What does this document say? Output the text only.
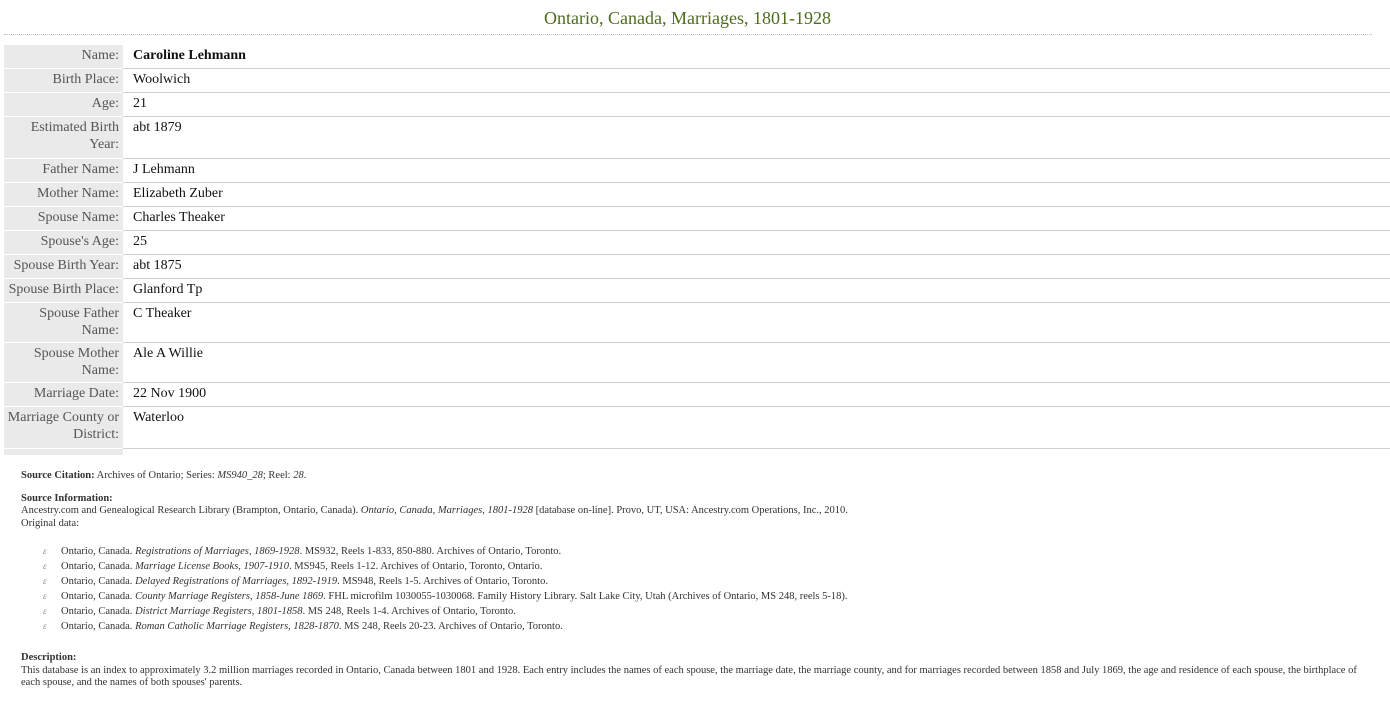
Ontario, Canada, Marriages, 1801-1928
Name:	Caroline Lehmann
Birth Place:	Woolwich
Age:	21
Estimated Birth Year:	abt 1879
Father Name:	J Lehmann
Mother Name:	Elizabeth Zuber
Spouse Name:	Charles Theaker
Spouse's Age:	25
Spouse Birth Year:	abt 1875
Spouse Birth Place:	Glanford Tp
Spouse Father Name:	C Theaker
Spouse Mother Name:	Ale A Willie
Marriage Date:	22 Nov 1900
Marriage County or District:	Waterloo

Source Citation: Archives of Ontario; Series: MS940_28; Reel: 28.
Source Information:
Ancestry.com and Genealogical Research Library (Brampton, Ontario, Canada). Ontario, Canada, Marriages, 1801-1928 [database on-line]. Provo, UT, USA: Ancestry.com Operations, Inc., 2010.
Original data:
ε Ontario, Canada. Registrations of Marriages, 1869-1928. MS932, Reels 1-833, 850-880. Archives of Ontario, Toronto.
ε Ontario, Canada. Marriage License Books, 1907-1910. MS945, Reels 1-12. Archives of Ontario, Toronto, Ontario.
ε Ontario, Canada. Delayed Registrations of Marriages, 1892-1919. MS948, Reels 1-5. Archives of Ontario, Toronto.
ε Ontario, Canada. County Marriage Registers, 1858-June 1869. FHL microfilm 1030055-1030068. Family History Library. Salt Lake City, Utah (Archives of Ontario, MS 248, reels 5-18).
ε Ontario, Canada. District Marriage Registers, 1801-1858. MS 248, Reels 1-4. Archives of Ontario, Toronto.
ε Ontario, Canada. Roman Catholic Marriage Registers, 1828-1870. MS 248, Reels 20-23. Archives of Ontario, Toronto.
Description:
This database is an index to approximately 3.2 million marriages recorded in Ontario, Canada between 1801 and 1928. Each entry includes the names of each spouse, the marriage date, the marriage county, and for marriages recorded between 1858 and July 1869, the age and residence of each spouse, the birthplace of each spouse, and the names of both spouses' parents.
